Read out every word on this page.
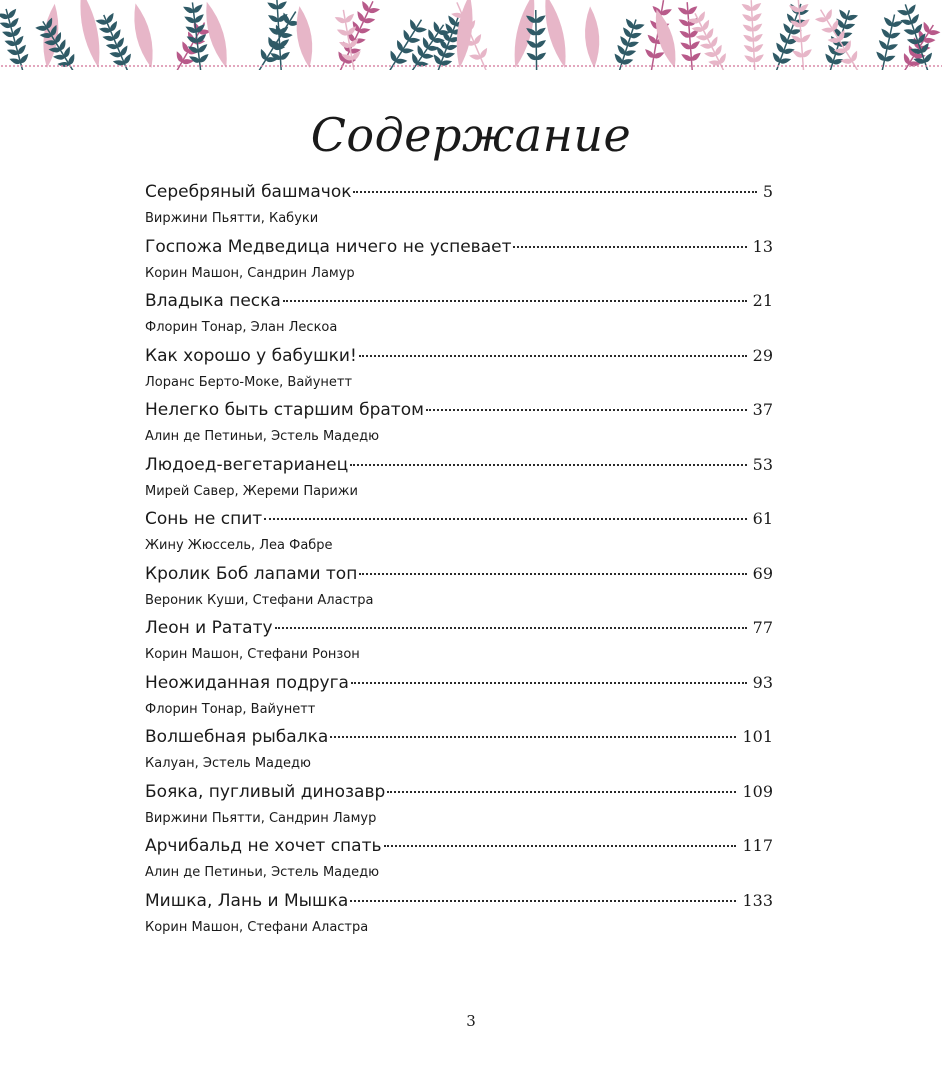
Содержание
Серебряный башмачок	5
Виржини Пьятти, Кабуки
Госпожа Медведица ничего не успевает	13
Корин Машон, Сандрин Ламур
Владыка песка	21
Флорин Тонар, Элан Лескоа
Как хорошо у бабушки!	29
Лоранс Берто-Моке, Вайунетт
Нелегко быть старшим братом	37
Алин де Петиньи, Эстель Мадедю
Людоед-вегетарианец	53
Мирей Савер, Жереми Парижи
Сонь не спит	61
Жину Жюссель, Леа Фабре
Кролик Боб лапами топ	69
Вероник Куши, Стефани Аластра
Леон и Ратату	77
Корин Машон, Стефани Ронзон
Неожиданная подруга	93
Флорин Тонар, Вайунетт
Волшебная рыбалка	101
Калуан, Эстель Мадедю
Бояка, пугливый динозавр	109
Виржини Пьятти, Сандрин Ламур
Арчибальд не хочет спать	117
Алин де Петиньи, Эстель Мадедю
Мишка, Лань и Мышка	133
Корин Машон, Стефани Аластра
3
